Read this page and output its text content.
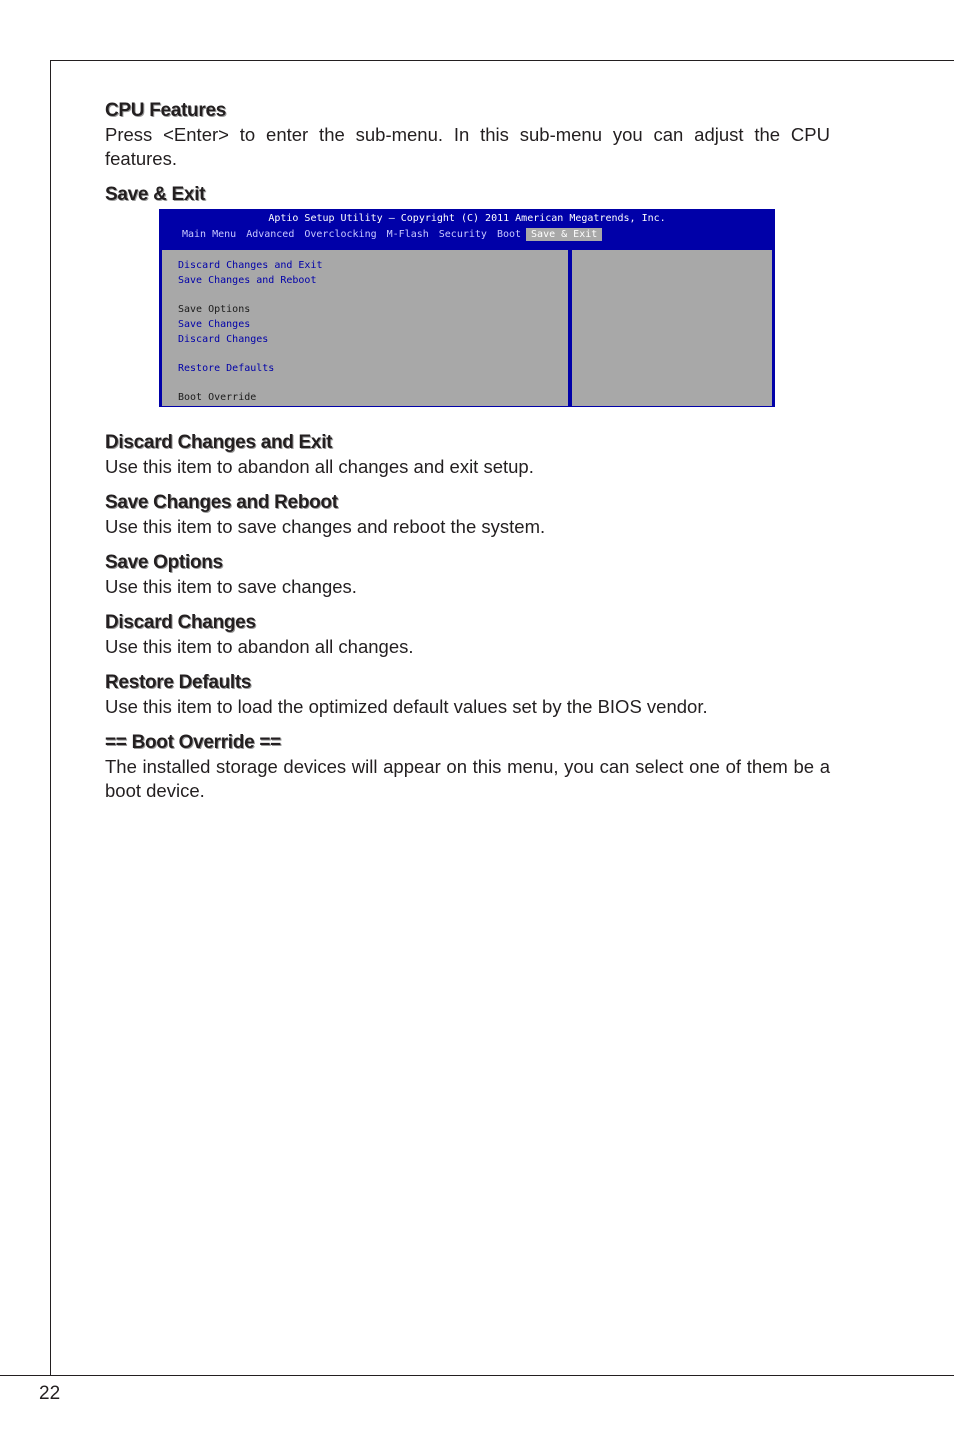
CPU Features
Press <Enter> to enter the sub-menu. In this sub-menu you can adjust the CPU features.
Save & Exit
Aptio Setup Utility – Copyright (C) 2011 American Megatrends, Inc.
Main Menu	Advanced	Overclocking	M-Flash	Security	Boot	Save & Exit
Discard Changes and Exit
Save Changes and Reboot
Save Options
Save Changes
Discard Changes
Restore Defaults
Boot Override
Discard Changes and Exit
Use this item to abandon all changes and exit setup.
Save Changes and Reboot
Use this item to save changes and reboot the system.
Save Options
Use this item to save changes.
Discard Changes
Use this item to abandon all changes.
Restore Defaults
Use this item to load the optimized default values set by the BIOS vendor.
== Boot Override ==
The installed storage devices will appear on this menu, you can select one of them be a boot device.
22
